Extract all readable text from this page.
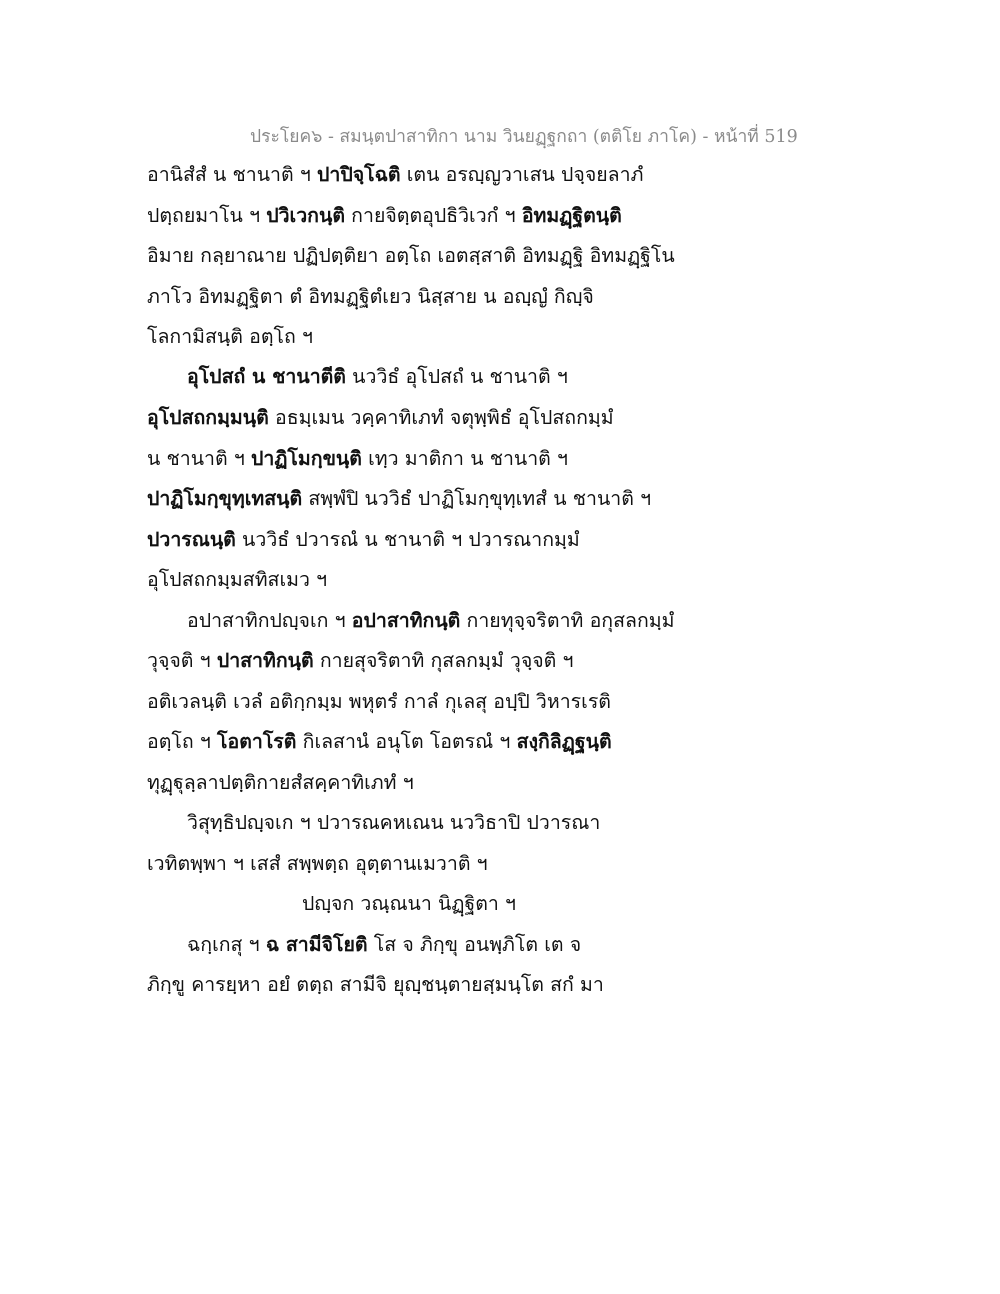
ประโยค๖ - สมนฺตปาสาทิกา นาม วินยฏฺฐกถา (ตติโย ภาโค) - หน้าที่ 519
อานิสํสํ น ชานาติ ฯ ปาปิจฺโฉติ เตน อรญฺญวาเสน ปจฺจยลาภํ
ปตฺถยมาโน ฯ ปวิเวกนฺติ กายจิตฺตอุปธิวิเวกํ ฯ อิทมฏฺฐิตนฺติ
อิมาย กลฺยาณาย ปฏิปตฺติยา อตฺโถ เอตสฺสาติ อิทมฏฺฐิ อิทมฏฺฐิโน
ภาโว อิทมฏฺฐิตา ตํ อิทมฏฺฐิตํเยว นิสฺสาย น อญฺญํ กิญฺจิ
โลกามิสนฺติ อตฺโถ ฯ
อุโปสถํ น ชานาตีติ นววิธํ อุโปสถํ น ชานาติ ฯ
อุโปสถกมฺมนฺติ อธมฺเมน วคฺคาทิเภทํ จตุพฺพิธํ อุโปสถกมฺมํ
น ชานาติ ฯ ปาฏิโมกฺขนฺติ เทฺว มาติกา น ชานาติ ฯ
ปาฏิโมกฺขุทฺเทสนฺติ สพฺพํปิ นววิธํ ปาฏิโมกฺขุทฺเทสํ น ชานาติ ฯ
ปวารณนฺติ นววิธํ ปวารณํ น ชานาติ ฯ ปวารณากมฺมํ
อุโปสถกมฺมสทิสเมว ฯ
อปาสาทิกปญฺจเก ฯ อปาสาทิกนฺติ กายทุจฺจริตาทิ อกุสลกมฺมํ
วุจฺจติ ฯ ปาสาทิกนฺติ กายสุจริตาทิ กุสลกมฺมํ วุจฺจติ ฯ
อติเวลนฺติ เวลํ อติกฺกมฺม พหุตรํ กาลํ กุเลสุ อปฺปิ วิหารเรติ
อตฺโถ ฯ โอตาโรติ กิเลสานํ อนุโต โอตรณํ ฯ สงฺกิลิฏฺฐนฺติ
ทุฏฺฐุลฺลาปตฺติกายสํสคฺคาทิเภทํ ฯ
วิสุทฺธิปญฺจเก ฯ ปวารณคหเณน นววิธาปิ ปวารณา
เวทิตพฺพา ฯ เสสํ สพฺพตฺถ อุตฺตานเมวาติ ฯ
ปญฺจก วณฺณนา นิฏฺฐิตา ฯ
ฉกฺเกสุ ฯ ฉ สามีจิโยติ โส จ ภิกฺขุ อนพฺภิโต เต จ
ภิกฺขู คารยฺหา อยํ ตตฺถ สามีจิ ยุญฺชนฺตายสฺมนฺโต สกํ มา
